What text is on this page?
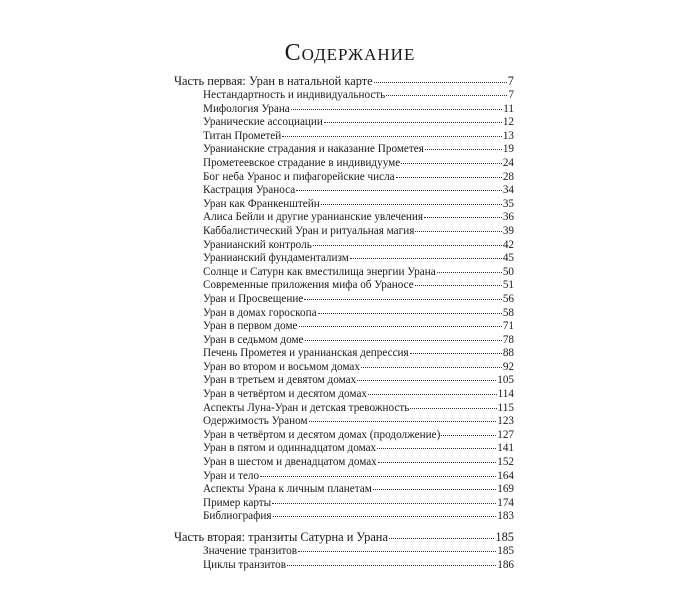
Содержание
Часть первая: Уран в натальной карте	7
Нестандартность и индивидуальность	7
Мифология Урана	11
Уранические ассоциации	12
Титан Прометей	13
Уранианские страдания и наказание Прометея	19
Прометеевское страдание в индивидууме	24
Бог неба Уранос и пифагорейские числа	28
Кастрация Ураноса	34
Уран как Франкенштейн	35
Алиса Бейли и другие уранианские увлечения	36
Каббалистический Уран и ритуальная магия	39
Уранианский контроль	42
Уранианский фундаментализм	45
Солнце и Сатурн как вместилища энергии Урана	50
Современные приложения мифа об Ураносе	51
Уран и Просвещение	56
Уран в домах гороскопа	58
Уран в первом доме	71
Уран в седьмом доме	78
Печень Прометея и уранианская депрессия	88
Уран во втором и восьмом домах	92
Уран в третьем и девятом домах	105
Уран в четвёртом и десятом домах	114
Аспекты Луна-Уран и детская тревожность	115
Одержимость Ураном	123
Уран в четвёртом и десятом домах (продолжение)	127
Уран в пятом и одиннадцатом домах	141
Уран в шестом и двенадцатом домах	152
Уран и тело	164
Аспекты Урана к личным планетам	169
Пример карты	174
Библиография	183
Часть вторая: транзиты Сатурна и Урана	185
Значение транзитов	185
Циклы транзитов	186
